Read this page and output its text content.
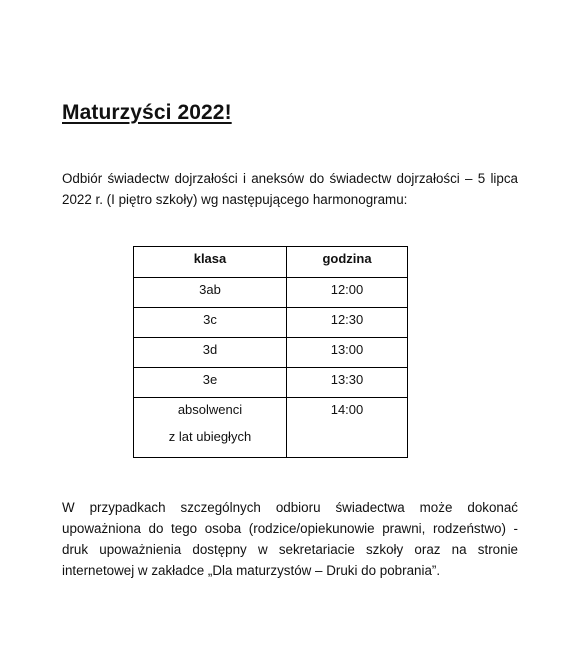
Maturzyści 2022!
Odbiór świadectw dojrzałości i aneksów do świadectw dojrzałości – 5 lipca 2022 r. (I piętro szkoły) wg następującego harmonogramu:
klasa	godzina
3ab	12:00
3c	12:30
3d	13:00
3e	13:30
absolwenci
z lat ubiegłych	14:00
W przypadkach szczególnych odbioru świadectwa może dokonać upoważniona do tego osoba (rodzice/opiekunowie prawni, rodzeństwo) - druk upoważnienia dostępny w sekretariacie szkoły oraz na stronie internetowej w zakładce „Dla maturzystów – Druki do pobrania”.
